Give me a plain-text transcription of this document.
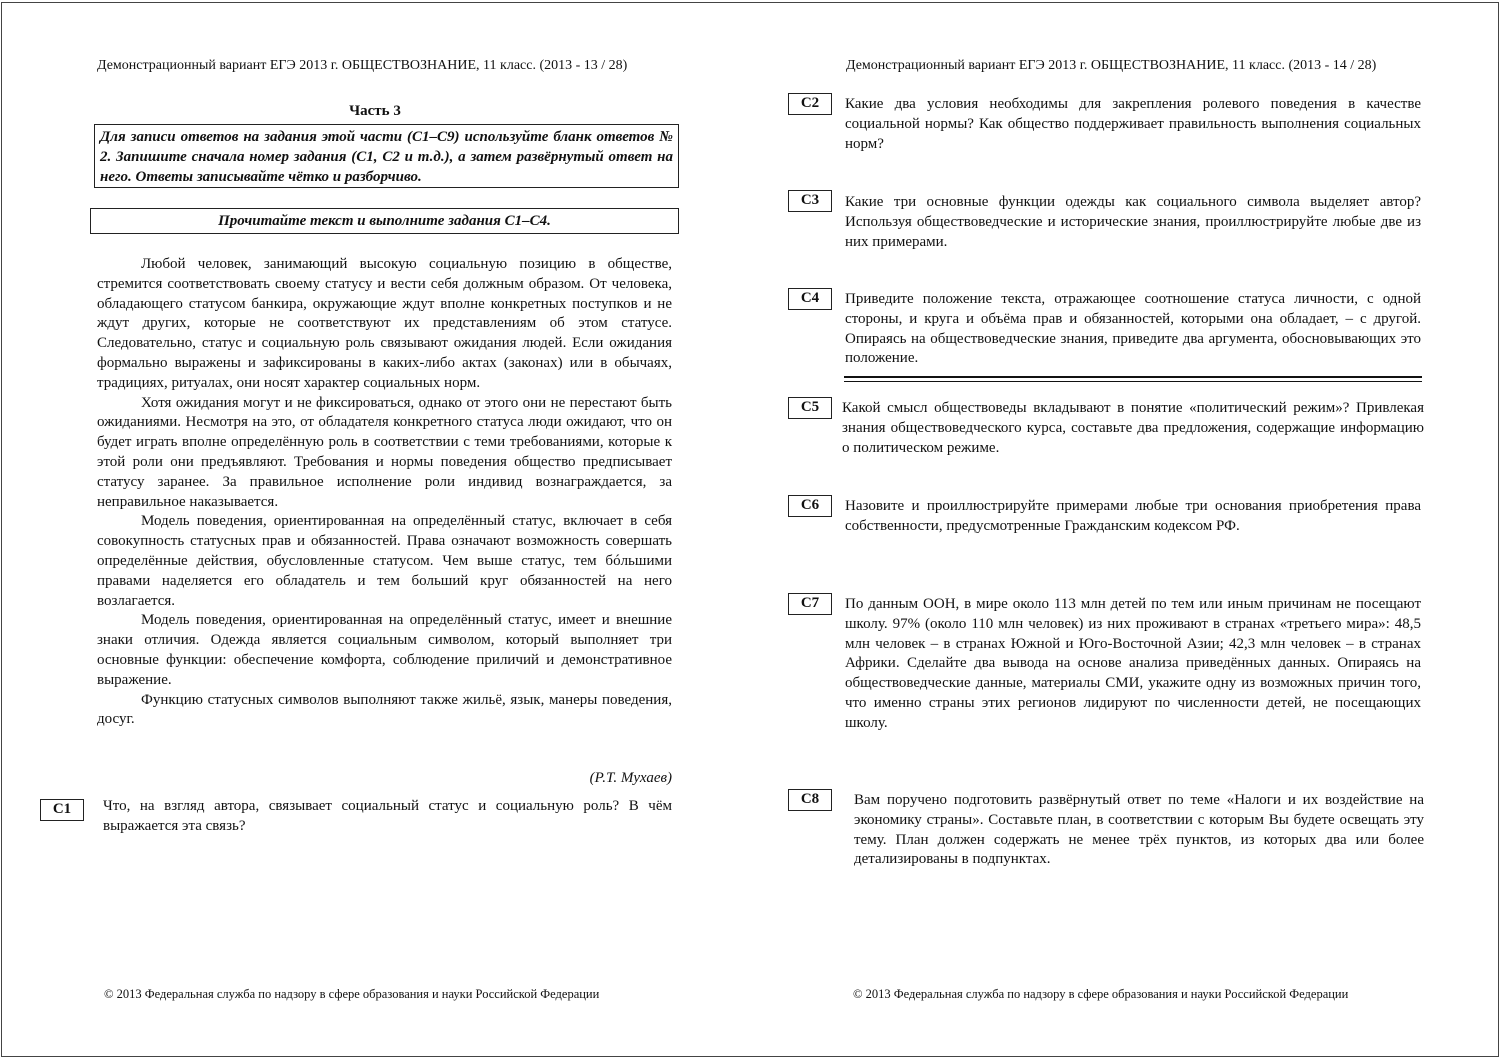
Демонстрационный вариант ЕГЭ 2013 г. ОБЩЕСТВОЗНАНИЕ, 11 класс. (2013 - 13 / 28)
Часть 3
Для записи ответов на задания этой части (С1–С9) используйте бланк ответов № 2. Запишите сначала номер задания (С1, С2 и т.д.), а затем развёрнутый ответ на него. Ответы записывайте чётко и разборчиво.
Прочитайте текст и выполните задания С1–С4.

Любой человек, занимающий высокую социальную позицию в обществе, стремится соответствовать своему статусу и вести себя должным образом. От человека, обладающего статусом банкира, окружающие ждут вполне конкретных поступков и не ждут других, которые не соответствуют их представлениям об этом статусе. Следовательно, статус и социальную роль связывают ожидания людей. Если ожидания формально выражены и зафиксированы в каких-либо актах (законах) или в обычаях, традициях, ритуалах, они носят характер социальных норм.

Хотя ожидания могут и не фиксироваться, однако от этого они не перестают быть ожиданиями. Несмотря на это, от обладателя конкретного статуса люди ожидают, что он будет играть вполне определённую роль в соответствии с теми требованиями, которые к этой роли они предъявляют. Требования и нормы поведения общество предписывает статусу заранее. За правильное исполнение роли индивид вознаграждается, за неправильное наказывается.

Модель поведения, ориентированная на определённый статус, включает в себя совокупность статусных прав и обязанностей. Права означают возможность совершать определённые действия, обусловленные статусом. Чем выше статус, тем бóльшими правами наделяется его обладатель и тем больший круг обязанностей на него возлагается.

Модель поведения, ориентированная на определённый статус, имеет и внешние знаки отличия. Одежда является социальным символом, который выполняет три основные функции: обеспечение комфорта, соблюдение приличий и демонстративное выражение.

Функцию статусных символов выполняют также жильё, язык, манеры поведения, досуг.

(Р.Т. Мухаев)
C1	Что, на взгляд автора, связывает социальный статус и социальную роль? В чём выражается эта связь?
© 2013 Федеральная служба по надзору в сфере образования и науки Российской Федерации
Демонстрационный вариант ЕГЭ 2013 г. ОБЩЕСТВОЗНАНИЕ, 11 класс. (2013 - 14 / 28)
C2	Какие два условия необходимы для закрепления ролевого поведения в качестве социальной нормы? Как общество поддерживает правильность выполнения социальных норм?
C3	Какие три основные функции одежды как социального символа выделяет автор? Используя обществоведческие и исторические знания, проиллюстрируйте любые две из них примерами.
C4	Приведите положение текста, отражающее соотношение статуса личности, с одной стороны, и круга и объёма прав и обязанностей, которыми она обладает, – с другой. Опираясь на обществоведческие знания, приведите два аргумента, обосновывающих это положение.
C5	Какой смысл обществоведы вкладывают в понятие «политический режим»? Привлекая знания обществоведческого курса, составьте два предложения, содержащие информацию о политическом режиме.
C6	Назовите и проиллюстрируйте примерами любые три основания приобретения права собственности, предусмотренные Гражданским кодексом РФ.
C7	По данным ООН, в мире около 113 млн детей по тем или иным причинам не посещают школу. 97% (около 110 млн человек) из них проживают в странах «третьего мира»: 48,5 млн человек – в странах Южной и Юго-Восточной Азии; 42,3 млн человек – в странах Африки. Сделайте два вывода на основе анализа приведённых данных. Опираясь на обществоведческие данные, материалы СМИ, укажите одну из возможных причин того, что именно страны этих регионов лидируют по численности детей, не посещающих школу.
C8	Вам поручено подготовить развёрнутый ответ по теме «Налоги и их воздействие на экономику страны». Составьте план, в соответствии с которым Вы будете освещать эту тему. План должен содержать не менее трёх пунктов, из которых два или более детализированы в подпунктах.
© 2013 Федеральная служба по надзору в сфере образования и науки Российской Федерации
